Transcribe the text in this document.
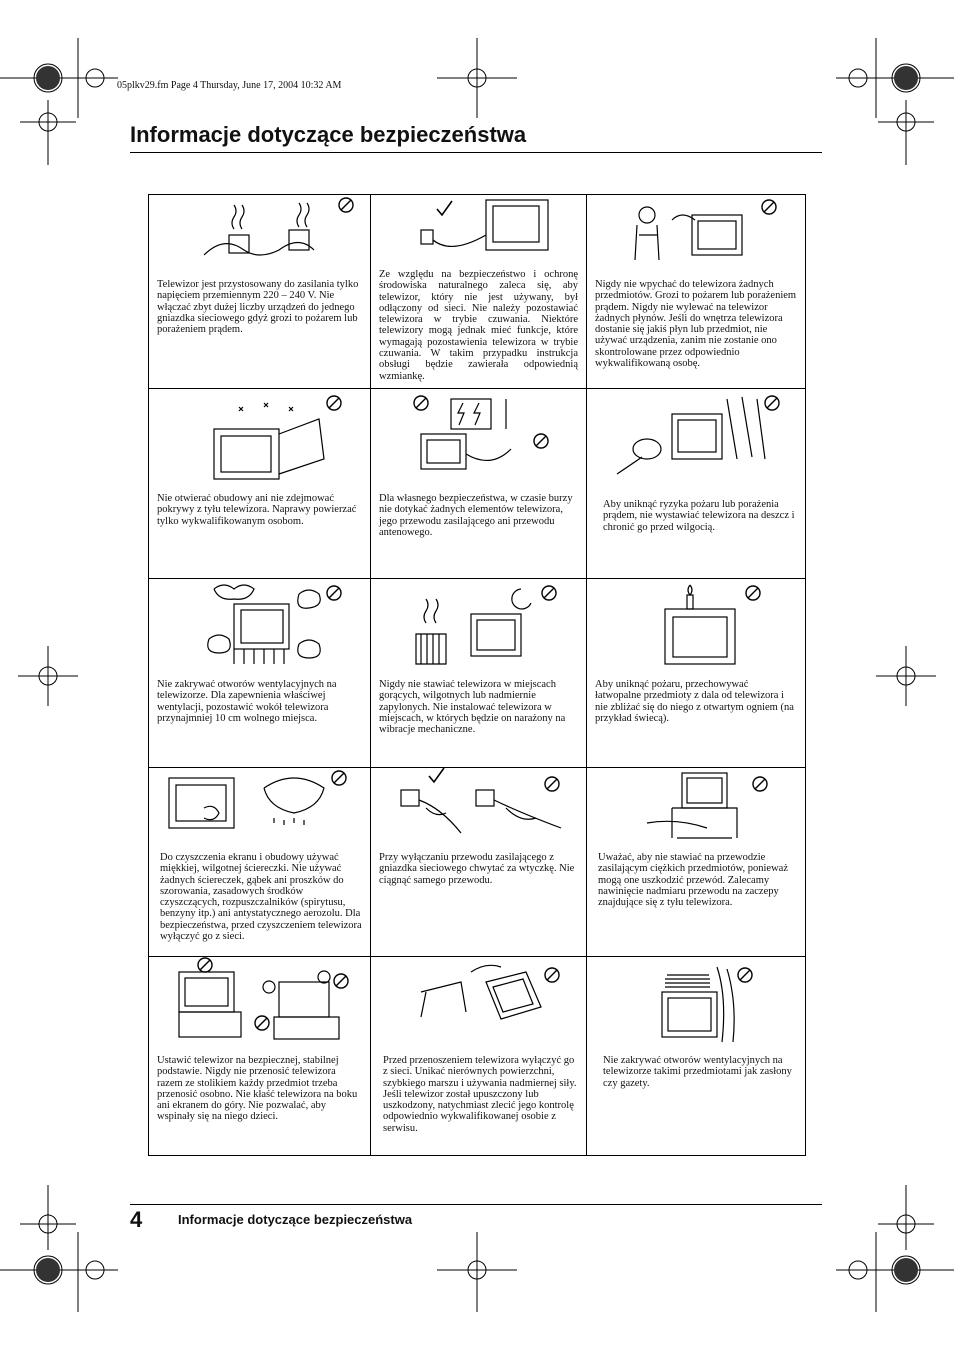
05plkv29.fm Page 4 Thursday, June 17, 2004 10:32 AM
Informacje dotyczące bezpieczeństwa
Telewizor jest przystosowany do zasilania tylko napięciem przemiennym 220 – 240 V. Nie włączać zbyt dużej liczby urządzeń do jednego gniazdka sieciowego gdyż grozi to pożarem lub porażeniem prądem.
Ze względu na bezpieczeństwo i ochronę środowiska naturalnego zaleca się, aby telewizor, który nie jest używany, był odłączony od sieci. Nie należy pozostawiać telewizora w trybie czuwania. Niektóre telewizory mogą jednak mieć funkcje, które wymagają pozostawienia telewizora w trybie czuwania. W takim przypadku instrukcja obsługi będzie zawierała odpowiednią wzmiankę.
Nigdy nie wpychać do telewizora żadnych przedmiotów. Grozi to pożarem lub porażeniem prądem. Nigdy nie wylewać na telewizor żadnych płynów. Jeśli do wnętrza telewizora dostanie się jakiś płyn lub przedmiot, nie używać urządzenia, zanim nie zostanie ono skontrolowane przez odpowiednio wykwalifikowaną osobę.
Nie otwierać obudowy ani nie zdejmować pokrywy z tyłu telewizora. Naprawy powierzać tylko wykwalifikowanym osobom.
Dla własnego bezpieczeństwa, w czasie burzy nie dotykać żadnych elementów telewizora, jego przewodu zasilającego ani przewodu antenowego.
Aby uniknąć ryzyka pożaru lub porażenia prądem, nie wystawiać telewizora na deszcz i chronić go przed wilgocią.
Nie zakrywać otworów wentylacyjnych na telewizorze. Dla zapewnienia właściwej wentylacji, pozostawić wokół telewizora przynajmniej 10 cm wolnego miejsca.
Nigdy nie stawiać telewizora w miejscach gorących, wilgotnych lub nadmiernie zapylonych. Nie instalować telewizora w miejscach, w których będzie on narażony na wibracje mechaniczne.
Aby uniknąć pożaru, przechowywać łatwopalne przedmioty z dala od telewizora i nie zbliżać się do niego z otwartym ogniem (na przykład świecą).
Do czyszczenia ekranu i obudowy używać miękkiej, wilgotnej ściereczki. Nie używać żadnych ściereczek, gąbek ani proszków do szorowania, zasadowych środków czyszczących, rozpuszczalników (spirytusu, benzyny itp.) ani antystatycznego aerozolu. Dla bezpieczeństwa, przed czyszczeniem telewizora wyłączyć go z sieci.
Przy wyłączaniu przewodu zasilającego z gniazdka sieciowego chwytać za wtyczkę. Nie ciągnąć samego przewodu.
Uważać, aby nie stawiać na przewodzie zasilającym ciężkich przedmiotów, ponieważ mogą one uszkodzić przewód. Zalecamy nawinięcie nadmiaru przewodu na zaczepy znajdujące się z tyłu telewizora.
Ustawić telewizor na bezpiecznej, stabilnej podstawie. Nigdy nie przenosić telewizora razem ze stolikiem każdy przedmiot trzeba przenosić osobno. Nie kłaść telewizora na boku ani ekranem do góry. Nie pozwalać, aby wspinały się na niego dzieci.
Przed przenoszeniem telewizora wyłączyć go z sieci. Unikać nierównych powierzchni, szybkiego marszu i używania nadmiernej siły. Jeśli telewizor został upuszczony lub uszkodzony, natychmiast zlecić jego kontrolę odpowiednio wykwalifikowanej osobie z serwisu.
Nie zakrywać otworów wentylacyjnych na telewizorze takimi przedmiotami jak zasłony czy gazety.
4	Informacje dotyczące bezpieczeństwa
